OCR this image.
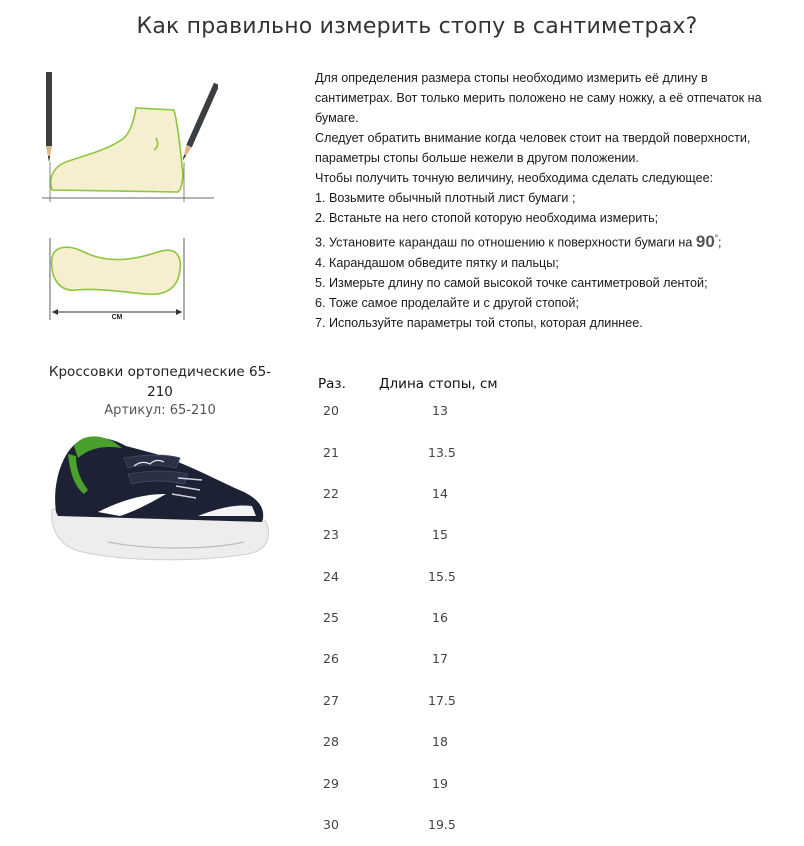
Как правильно измерить стопу в сантиметрах?
СМ

Для определения размера стопы необходимо измерить её длину в сантиметрах. Вот только мерить положено не саму ножку, а её отпечаток на бумаге.

Следует обратить внимание когда человек стоит на твердой поверхности, параметры стопы больше нежели в другом положении.

Чтобы получить точную величину, необходима сделать следующее:

1. Возьмите обычный плотный лист бумаги ;

2. Встаньте на него стопой которую необходима измерить;

3. Установите карандаш по отношению к поверхности бумаги на 90°;

4. Карандашом обведите пятку и пальцы;

5. Измерьте длину по самой высокой точке сантиметровой лентой;

6. Тоже самое проделайте и с другой стопой;

7. Используйте параметры той стопы, которая длиннее.

Кроссовки ортопедические 65-210
Артикул: 65-210
Раз. Длина стопы, см
20	13
21	13.5
22	14
23	15
24	15.5
25	16
26	17
27	17.5
28	18
29	19
30	19.5
